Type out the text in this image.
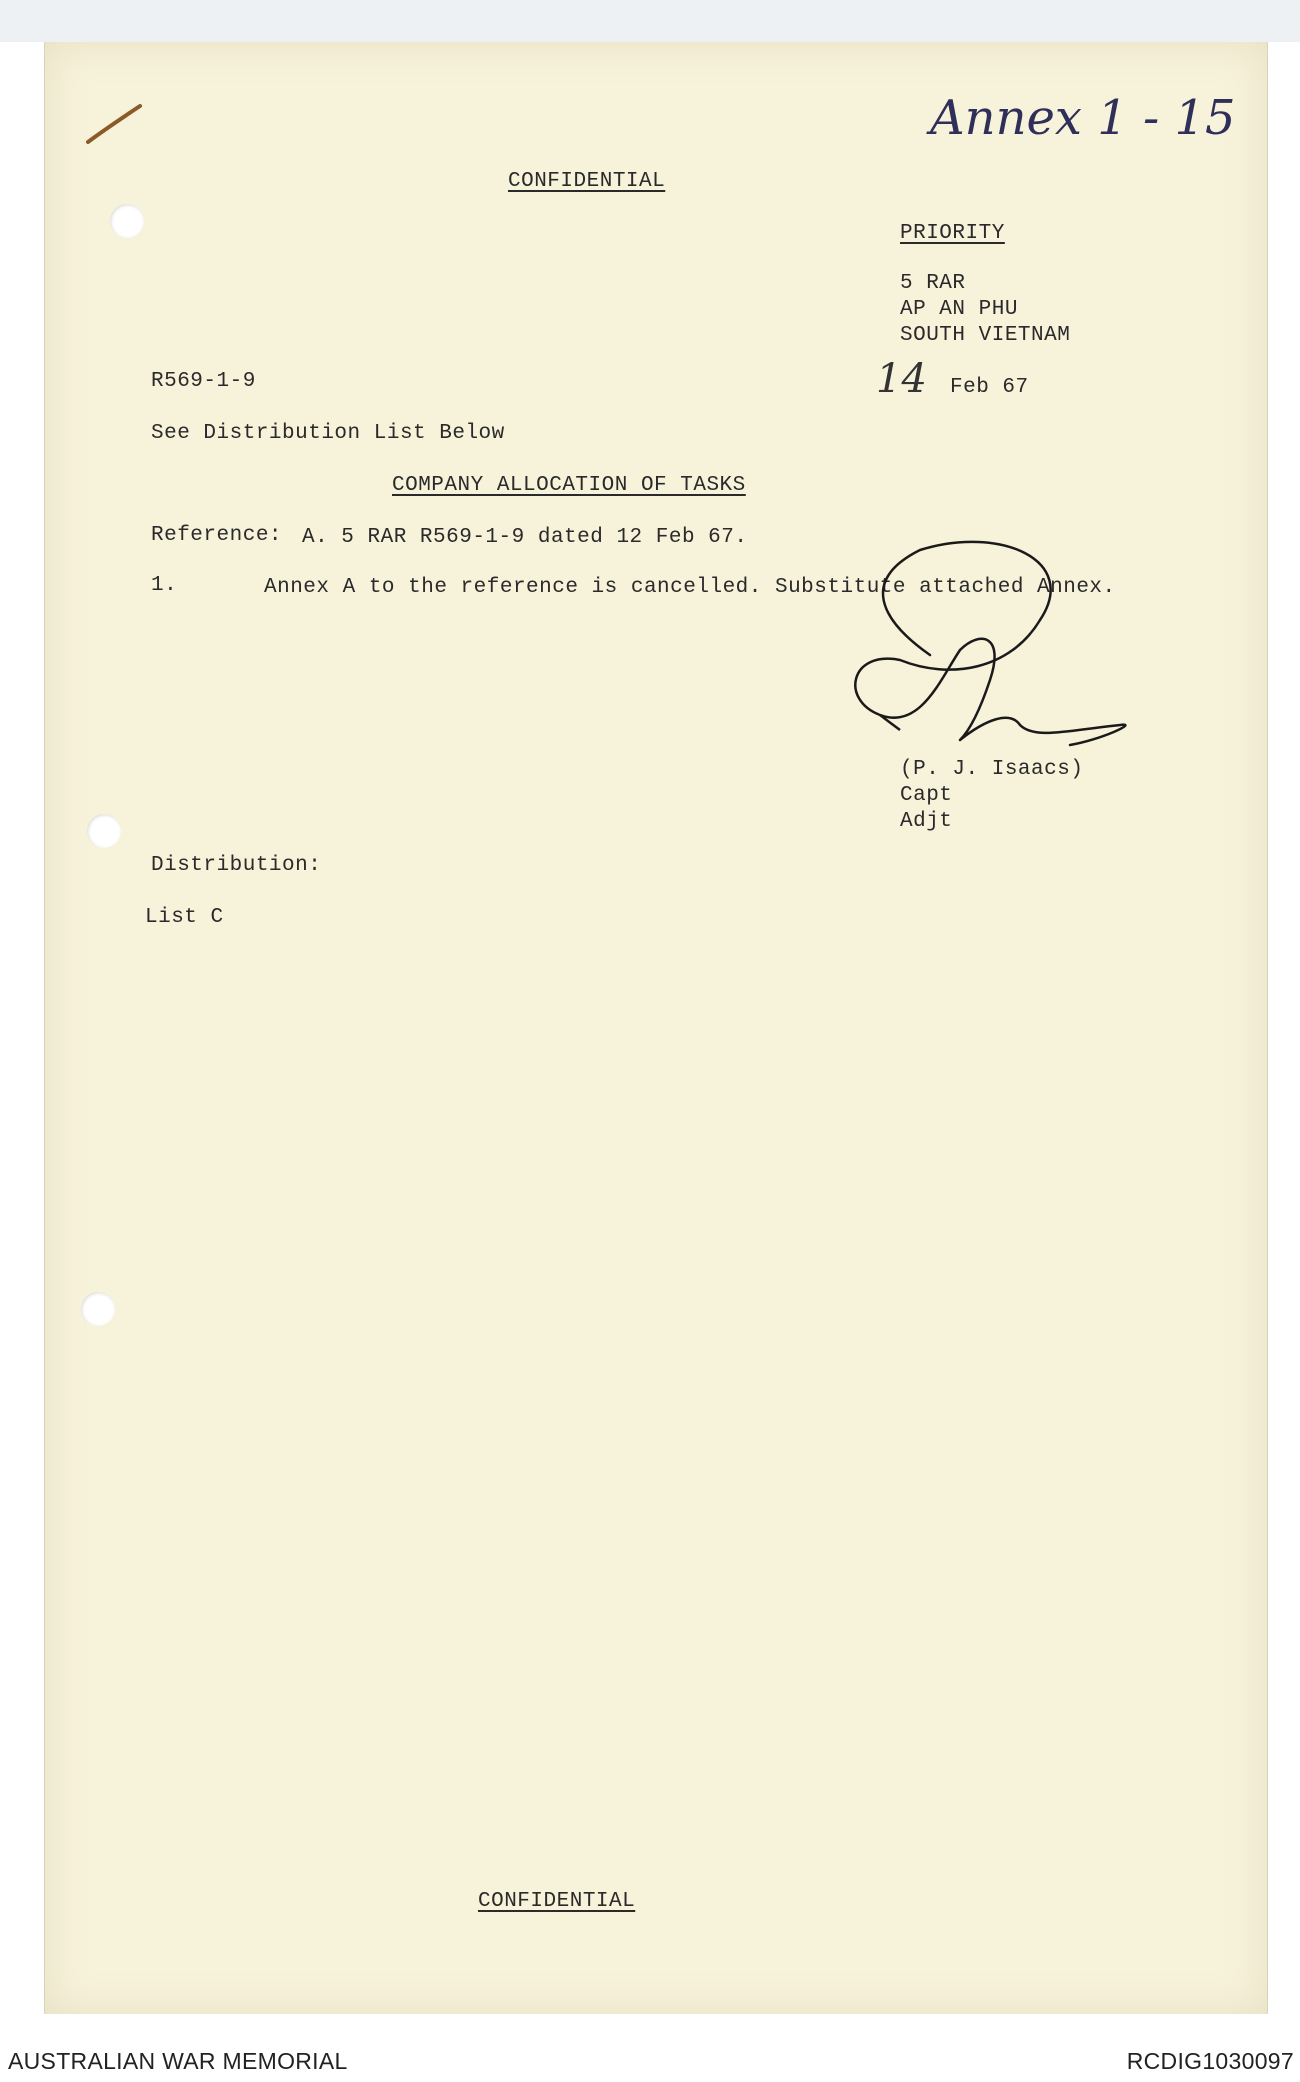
Annex 1 - 15
CONFIDENTIAL
PRIORITY
5 RAR
AP AN PHU
SOUTH VIETNAM
R569-1-9	14 Feb 67
See Distribution List Below
COMPANY ALLOCATION OF TASKS
Reference: A. 5 RAR R569-1-9 dated 12 Feb 67.
1.	Annex A to the reference is cancelled. Substitute attached Annex.
(P. J. Isaacs)
Capt
Adjt
Distribution:
List C
CONFIDENTIAL
AUSTRALIAN WAR MEMORIAL	RCDIG1030097
